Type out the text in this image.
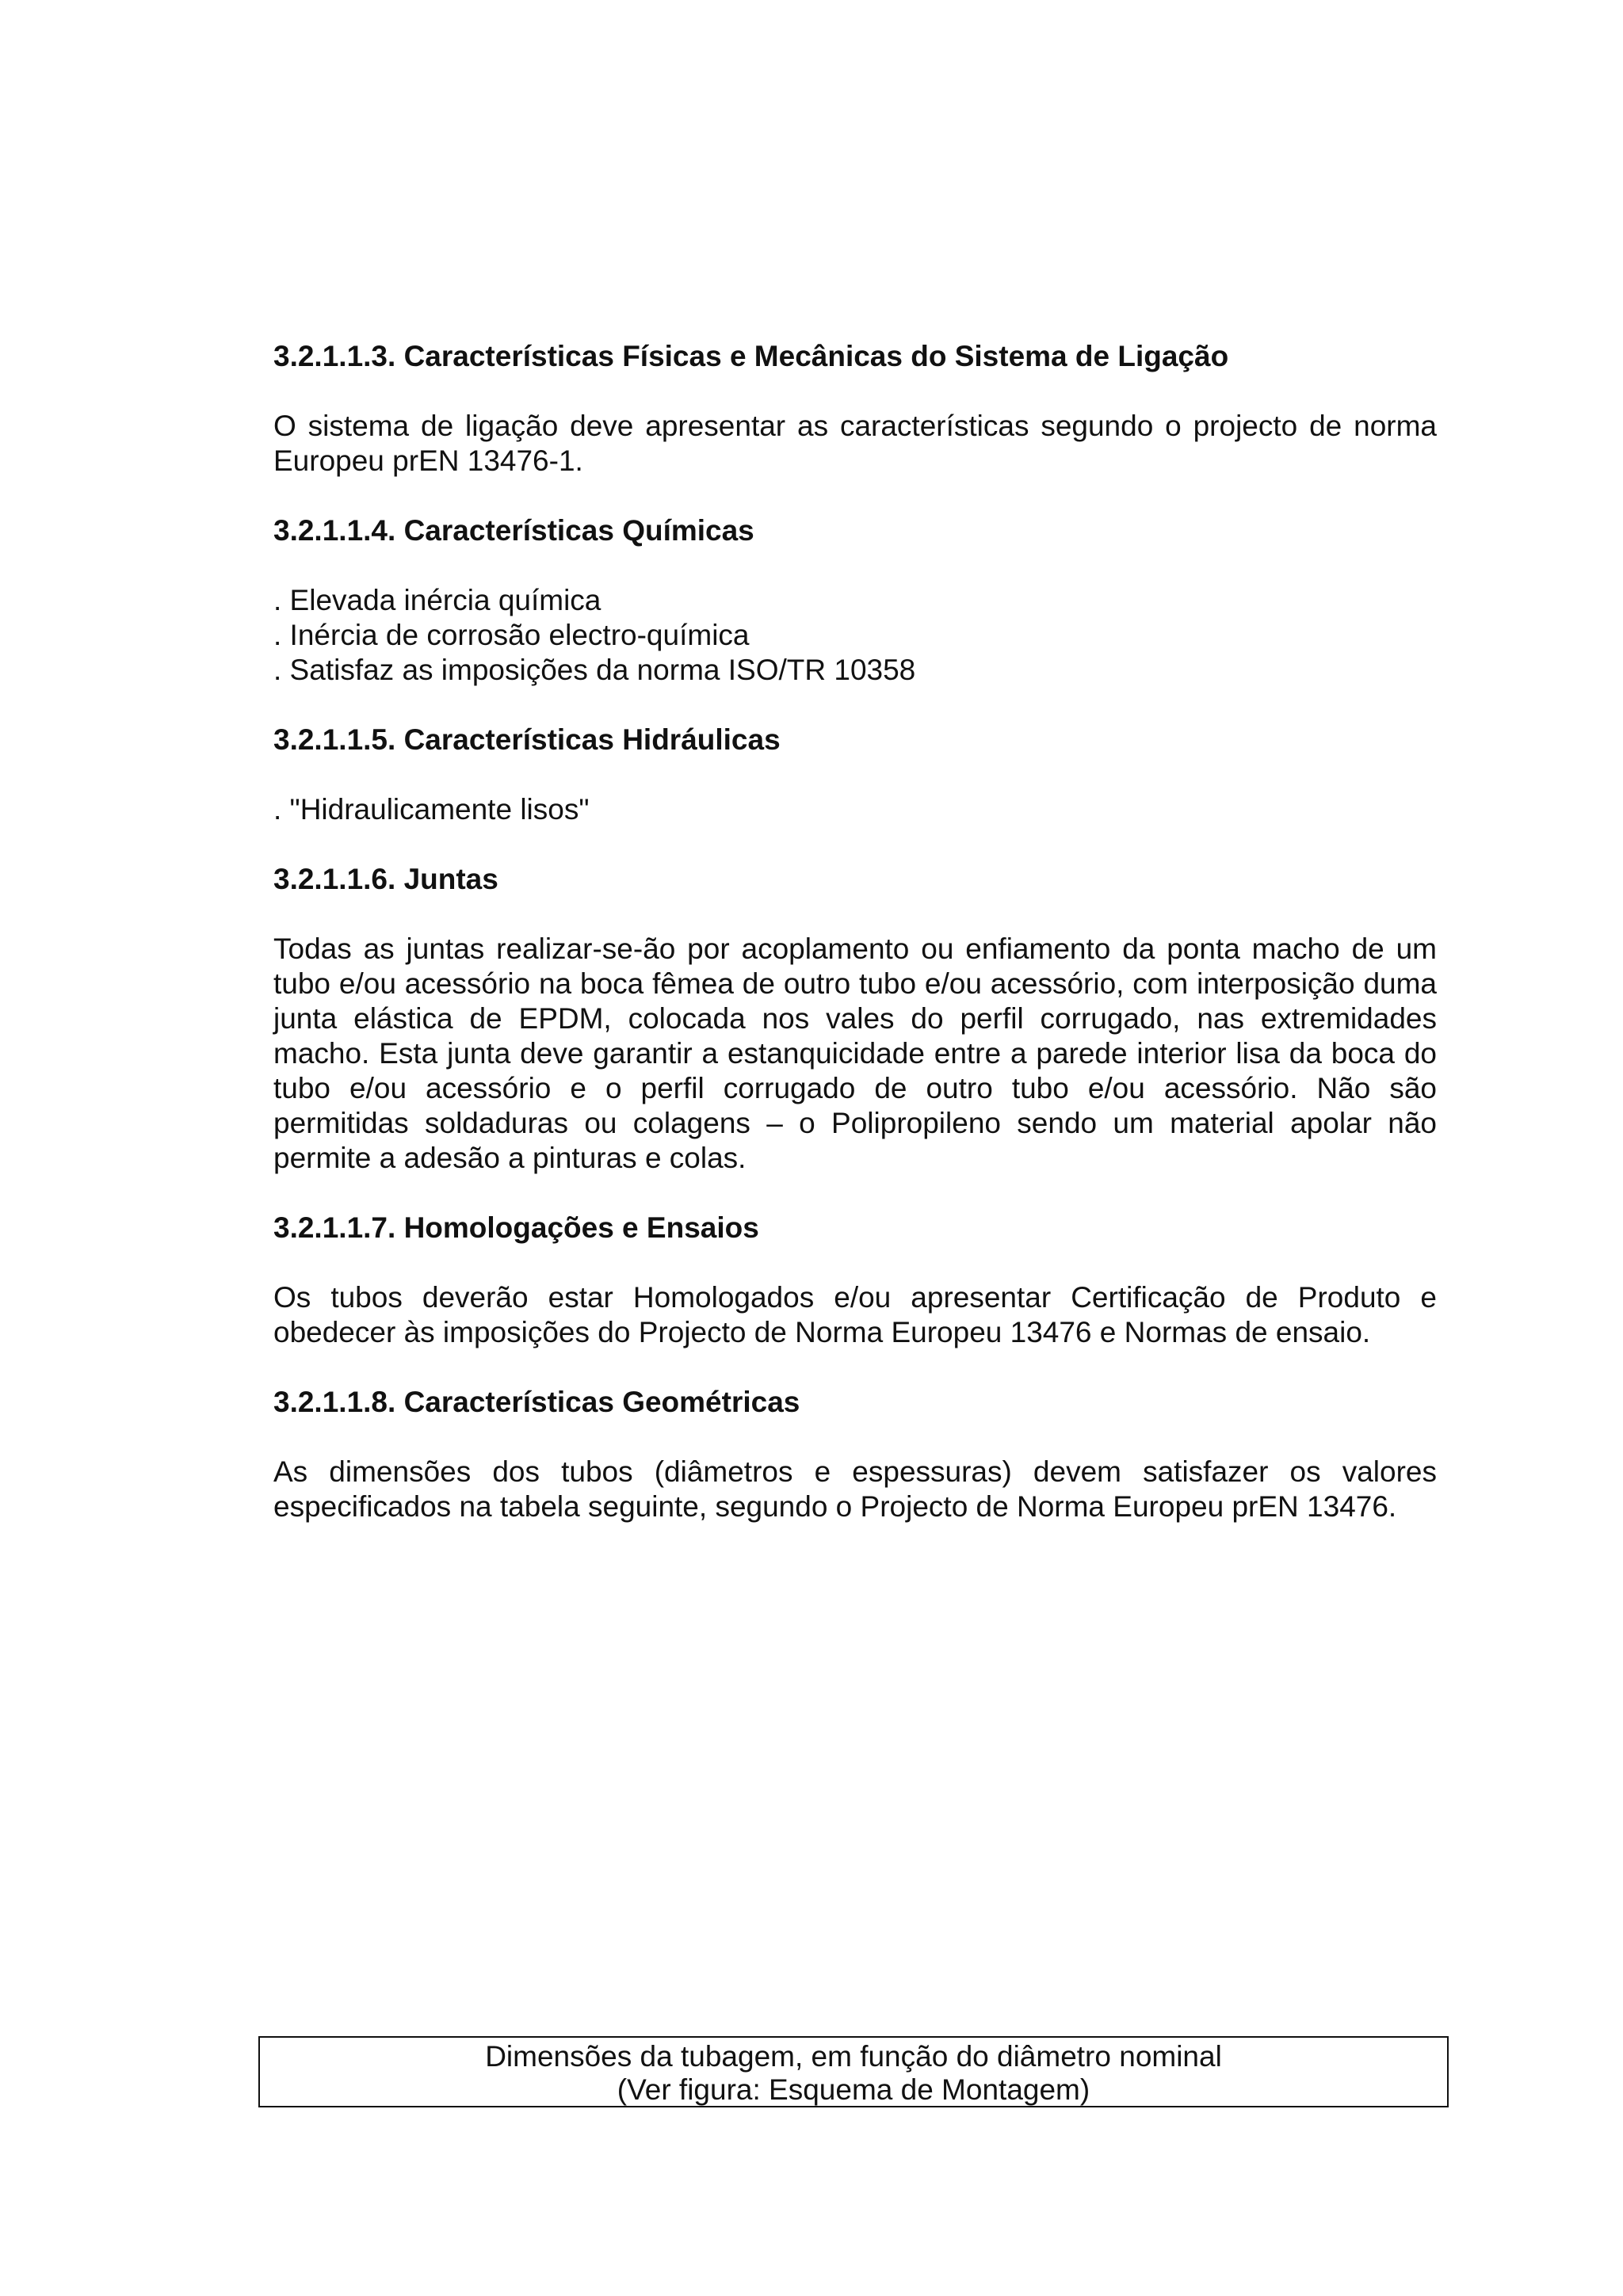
3.2.1.1.3. Características Físicas e Mecânicas do Sistema de Ligação

O sistema de ligação deve apresentar as características segundo o projecto de norma Europeu prEN 13476-1.

3.2.1.1.4. Características Químicas

. Elevada inércia química

. Inércia de corrosão electro-química

. Satisfaz as imposições da norma ISO/TR 10358

3.2.1.1.5. Características Hidráulicas

. "Hidraulicamente lisos"

3.2.1.1.6. Juntas

Todas as juntas realizar-se-ão por acoplamento ou enfiamento da ponta macho de um tubo e/ou acessório na boca fêmea de outro tubo e/ou acessório, com interposição duma junta elástica de EPDM, colocada nos vales do perfil corrugado, nas extremidades macho. Esta junta deve garantir a estanquicidade entre a parede interior lisa da boca do tubo e/ou acessório e o perfil corrugado de outro tubo e/ou acessório. Não são permitidas soldaduras ou colagens – o Polipropileno sendo um material apolar não permite a adesão a pinturas e colas.

3.2.1.1.7. Homologações e Ensaios

Os tubos deverão estar Homologados e/ou apresentar Certificação de Produto e obedecer às imposições do Projecto de Norma Europeu 13476 e Normas de ensaio.

3.2.1.1.8. Características Geométricas

As dimensões dos tubos (diâmetros e espessuras) devem satisfazer os valores especificados na tabela seguinte, segundo o Projecto de Norma Europeu prEN 13476.

Dimensões da tubagem, em função do diâmetro nominal
(Ver figura: Esquema de Montagem)
